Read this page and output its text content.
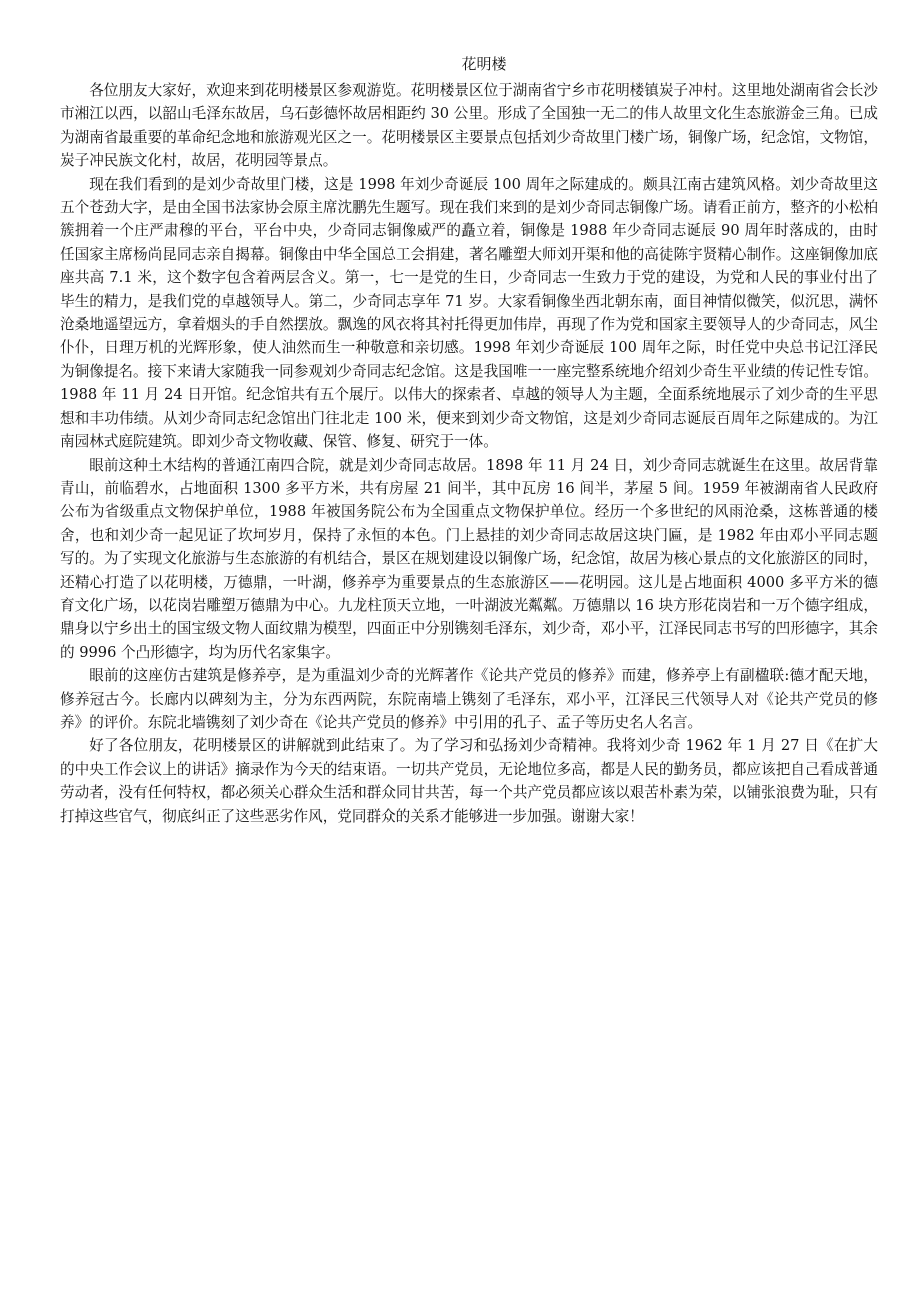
花明楼

各位朋友大家好，欢迎来到花明楼景区参观游览。花明楼景区位于湖南省宁乡市花明楼镇炭子冲村。这里地处湖南省会长沙市湘江以西，以韶山毛泽东故居，乌石彭德怀故居相距约 30 公里。形成了全国独一无二的伟人故里文化生态旅游金三角。已成为湖南省最重要的革命纪念地和旅游观光区之一。花明楼景区主要景点包括刘少奇故里门楼广场，铜像广场，纪念馆，文物馆，炭子冲民族文化村，故居，花明园等景点。

现在我们看到的是刘少奇故里门楼，这是 1998 年刘少奇诞辰 100 周年之际建成的。颇具江南古建筑风格。刘少奇故里这五个苍劲大字，是由全国书法家协会原主席沈鹏先生题写。现在我们来到的是刘少奇同志铜像广场。请看正前方，整齐的小松柏簇拥着一个庄严肃穆的平台，平台中央，少奇同志铜像威严的矗立着，铜像是 1988 年少奇同志诞辰 90 周年时落成的，由时任国家主席杨尚昆同志亲自揭幕。铜像由中华全国总工会捐建，著名雕塑大师刘开渠和他的高徒陈宇贤精心制作。这座铜像加底座共高 7.1 米，这个数字包含着两层含义。第一，七一是党的生日，少奇同志一生致力于党的建设，为党和人民的事业付出了毕生的精力，是我们党的卓越领导人。第二，少奇同志享年 71 岁。大家看铜像坐西北朝东南，面目神情似微笑，似沉思，满怀沧桑地遥望远方，拿着烟头的手自然摆放。飘逸的风衣将其衬托得更加伟岸，再现了作为党和国家主要领导人的少奇同志，风尘仆仆，日理万机的光辉形象，使人油然而生一种敬意和亲切感。1998 年刘少奇诞辰 100 周年之际，时任党中央总书记江泽民为铜像提名。接下来请大家随我一同参观刘少奇同志纪念馆。这是我国唯一一座完整系统地介绍刘少奇生平业绩的传记性专馆。1988 年 11 月 24 日开馆。纪念馆共有五个展厅。以伟大的探索者、卓越的领导人为主题，全面系统地展示了刘少奇的生平思想和丰功伟绩。从刘少奇同志纪念馆出门往北走 100 米，便来到刘少奇文物馆，这是刘少奇同志诞辰百周年之际建成的。为江南园林式庭院建筑。即刘少奇文物收藏、保管、修复、研究于一体。

眼前这种土木结构的普通江南四合院，就是刘少奇同志故居。1898 年 11 月 24 日，刘少奇同志就诞生在这里。故居背靠青山，前临碧水，占地面积 1300 多平方米，共有房屋 21 间半，其中瓦房 16 间半，茅屋 5 间。1959 年被湖南省人民政府公布为省级重点文物保护单位，1988 年被国务院公布为全国重点文物保护单位。经历一个多世纪的风雨沧桑，这栋普通的楼舍，也和刘少奇一起见证了坎坷岁月，保持了永恒的本色。门上悬挂的刘少奇同志故居这块门匾，是 1982 年由邓小平同志题写的。为了实现文化旅游与生态旅游的有机结合，景区在规划建设以铜像广场，纪念馆，故居为核心景点的文化旅游区的同时，还精心打造了以花明楼，万德鼎，一叶湖，修养亭为重要景点的生态旅游区——花明园。这儿是占地面积 4000 多平方米的德育文化广场，以花岗岩雕塑万德鼎为中心。九龙柱顶天立地，一叶湖波光粼粼。万德鼎以 16 块方形花岗岩和一万个德字组成，鼎身以宁乡出土的国宝级文物人面纹鼎为模型，四面正中分别镌刻毛泽东，刘少奇，邓小平，江泽民同志书写的凹形德字，其余的 9996 个凸形德字，均为历代名家集字。

眼前的这座仿古建筑是修养亭，是为重温刘少奇的光辉著作《论共产党员的修养》而建，修养亭上有副楹联:德才配天地，修养冠古今。长廊内以碑刻为主，分为东西两院，东院南墙上镌刻了毛泽东，邓小平，江泽民三代领导人对《论共产党员的修养》的评价。东院北墙镌刻了刘少奇在《论共产党员的修养》中引用的孔子、孟子等历史名人名言。

好了各位朋友，花明楼景区的讲解就到此结束了。为了学习和弘扬刘少奇精神。我将刘少奇 1962 年 1 月 27 日《在扩大的中央工作会议上的讲话》摘录作为今天的结束语。一切共产党员，无论地位多高，都是人民的勤务员，都应该把自己看成普通劳动者，没有任何特权，都必须关心群众生活和群众同甘共苦，每一个共产党员都应该以艰苦朴素为荣，以铺张浪费为耻，只有打掉这些官气，彻底纠正了这些恶劣作风，党同群众的关系才能够进一步加强。谢谢大家！
